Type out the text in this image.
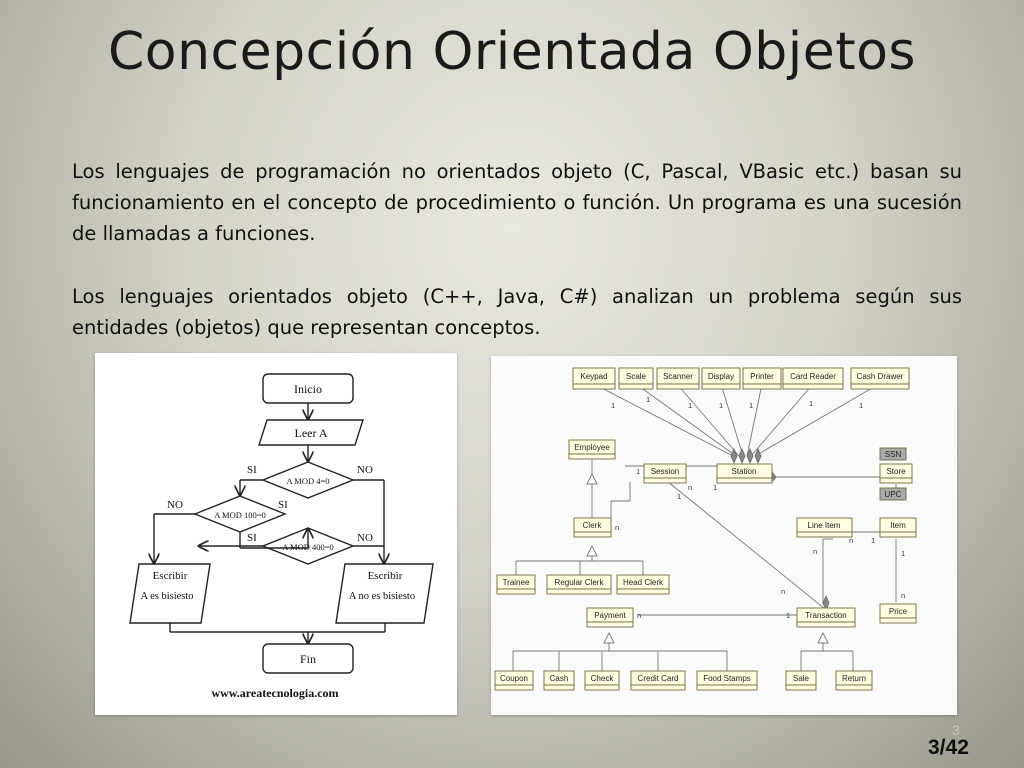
Concepción Orientada Objetos
Los lenguajes de programación no orientados objeto (C, Pascal, VBasic etc.) basan su funcionamiento en el concepto de procedimiento o función. Un programa es una sucesión de llamadas a funciones.
Los lenguajes orientados objeto (C++, Java, C#) analizan un problema según sus entidades (objetos) que representan conceptos.
Inicio
Leer A
A MOD 4=0
A MOD 100=0
A MOD 400=0
SI	NO
NO	SI
SI	NO
Escribir
A es bisiesto
Escribir
A no es bisiesto
Fin
www.areatecnologia.com
Keypad Scale Scanner Display Printer Card Reader	Cash Drawer
Employee
Session	Station
SSN
Store
UPC
Clerk	Line Item	Item
Trainee	Regular Clerk Head Clerk
Payment	Transaction	Price
Coupon	Cash	Check	Credit Card	Food Stamps	Sale	Return
1
1
1	1	1	1	1
1
n	1
1
n
n 1
n	1
n
n
n	1
3
3/42
